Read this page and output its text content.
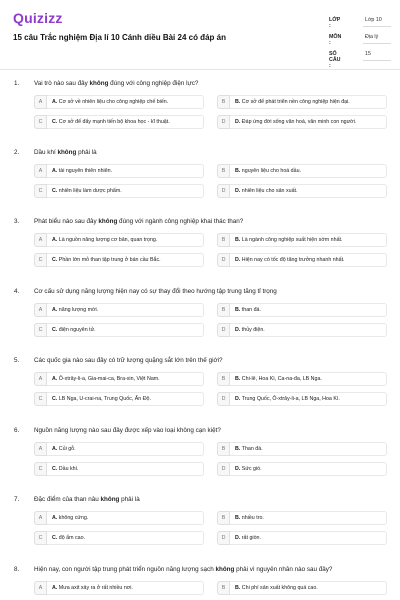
Quizizz
15 câu Trắc nghiệm Địa lí 10 Cánh diều Bài 24 có đáp án
LỚP :
Lớp 10
MÔN :
Địa lý
SỐ CÂU :
15
1. Vai trò nào sau đây không đúng với công nghiệp điện lực?
A	A. Cơ sở về nhiên liệu cho công nghiệp chế biến.	B	B. Cơ sở để phát triển nền công nghiệp hiện đại.
C	C. Cơ sở để đẩy mạnh tiến bộ khoa học - kĩ thuật.	D	D. Đáp ứng đời sống văn hoá, văn minh con người.
2. Dầu khí không phải là
A	A. tài nguyên thiên nhiên.	B	B. nguyên liệu cho hoá dầu.
C	C. nhiên liệu làm dược phẩm.	D	D. nhiên liệu cho sản xuất.
3. Phát biểu nào sau đây không đúng với ngành công nghiệp khai thác than?
A	A. Là nguồn năng lượng cơ bản, quan trọng.	B	B. Là ngành công nghiệp xuất hiện sớm nhất.
C	C. Phần lớn mỏ than tập trung ở bán cầu Bắc.	D	D. Hiện nay có tốc độ tăng trưởng nhanh nhất.
4. Cơ cấu sử dụng năng lượng hiện nay có sự thay đổi theo hướng tập trung tăng tỉ trọng
A	A. năng lượng mới.	B	B. than đá.
C	C. điện nguyên tử.	D	D. thủy điện.
5. Các quốc gia nào sau đây có trữ lượng quặng sắt lớn trên thế giới?
A	A. Ô-xtrây-li-a, Gia-mai-ca, Bra-xin, Việt Nam.	B	B. Chi-lê, Hoa Kì, Ca-na-đa, LB Nga.
C	C. LB Nga, U-crai-na, Trung Quốc, Ấn Độ.	D	D. Trung Quốc, Ô-xtrây-li-a, LB Nga, Hoa Kì.
6. Nguồn năng lượng nào sau đây được xếp vào loại không cạn kiệt?
A	A. Củi gỗ.	B	B. Than đá.
C	C. Dầu khí.	D	D. Sức gió.
7. Đặc điểm của than nâu không phải là
A	A. không cứng.	B	B. nhiều tro.
C	C. độ ẩm cao.	D	D. rất giòn.
8. Hiện nay, con người tập trung phát triển nguồn năng lượng sạch không phải vì nguyên nhân nào sau đây?
A	A. Mưa axit xảy ra ở rất nhiều nơi.	B	B. Chi phí sản xuất không quá cao.
